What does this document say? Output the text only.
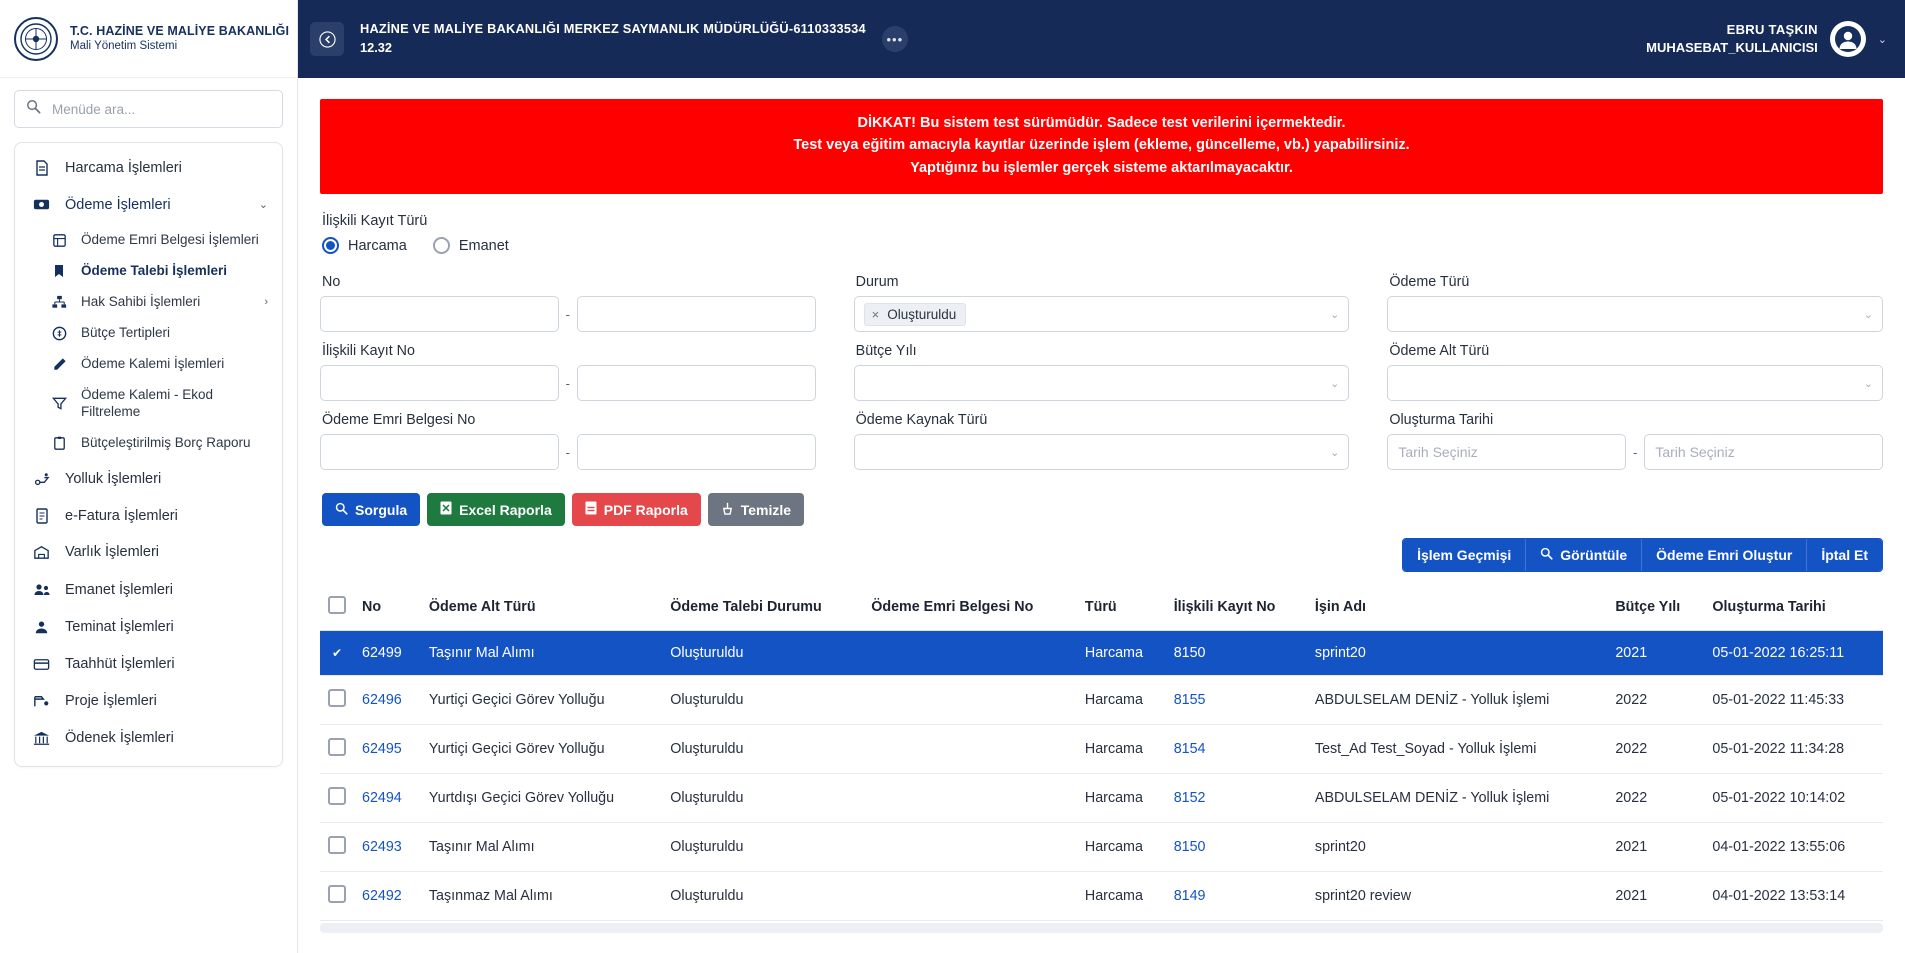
T.C. HAZİNE VE MALİYE BAKANLIĞI
Mali Yönetim Sistemi
Menüde ara...
Harcama İşlemleri
Ödeme İşlemleri	⌄
Ödeme Emri Belgesi İşlemleri
Ödeme Talebi İşlemleri
Hak Sahibi İşlemleri	›
Bütçe Tertipleri
Ödeme Kalemi İşlemleri
Ödeme Kalemi - Ekod Filtreleme
Bütçeleştirilmiş Borç Raporu
Yolluk İşlemleri
e-Fatura İşlemleri
Varlık İşlemleri
Emanet İşlemleri
Teminat İşlemleri
Taahhüt İşlemleri
Proje İşlemleri
Ödenek İşlemleri
HAZİNE VE MALİYE BAKANLIĞI MERKEZ SAYMANLIK MÜDÜRLÜĞÜ-6110333534
12.32
•••
EBRU TAŞKIN
MUHASEBAT_KULLANICISI
⌄
DİKKAT! Bu sistem test sürümüdür. Sadece test verilerini içermektedir.
Test veya eğitim amacıyla kayıtlar üzerinde işlem (ekleme, güncelleme, vb.) yapabilirsiniz.
Yaptığınız bu işlemler gerçek sisteme aktarılmayacaktır.
İlişkili Kayıt Türü
Harcama	Emanet
No
-
İlişkili Kayıt No
-
Ödeme Emri Belgesi No
-
Durum
× Oluşturuldu	⌄
Bütçe Yılı
⌄
Ödeme Kaynak Türü
⌄
Ödeme Türü
⌄
Ödeme Alt Türü
⌄
Oluşturma Tarihi
Tarih Seçiniz
-
Tarih Seçiniz
Sorgula	Excel Raporla	PDF Raporla	Temizle
İşlem Geçmişi	Görüntüle Ödeme Emri Oluştur İptal Et
	No	Ödeme Alt Türü	Ödeme Talebi Durumu	Ödeme Emri Belgesi No	Türü	İlişkili Kayıt No	İşin Adı	Bütçe Yılı	Oluşturma Tarihi
✔	62499	Taşınır Mal Alımı	Oluşturuldu		Harcama	8150	sprint20	2021	05-01-2022 16:25:11
	62496	Yurtiçi Geçici Görev Yolluğu	Oluşturuldu		Harcama	8155	ABDULSELAM DENİZ - Yolluk İşlemi	2022	05-01-2022 11:45:33
	62495	Yurtiçi Geçici Görev Yolluğu	Oluşturuldu		Harcama	8154	Test_Ad Test_Soyad - Yolluk İşlemi	2022	05-01-2022 11:34:28
	62494	Yurtdışı Geçici Görev Yolluğu	Oluşturuldu		Harcama	8152	ABDULSELAM DENİZ - Yolluk İşlemi	2022	05-01-2022 10:14:02
	62493	Taşınır Mal Alımı	Oluşturuldu		Harcama	8150	sprint20	2021	04-01-2022 13:55:06
	62492	Taşınmaz Mal Alımı	Oluşturuldu		Harcama	8149	sprint20 review	2021	04-01-2022 13:53:14
